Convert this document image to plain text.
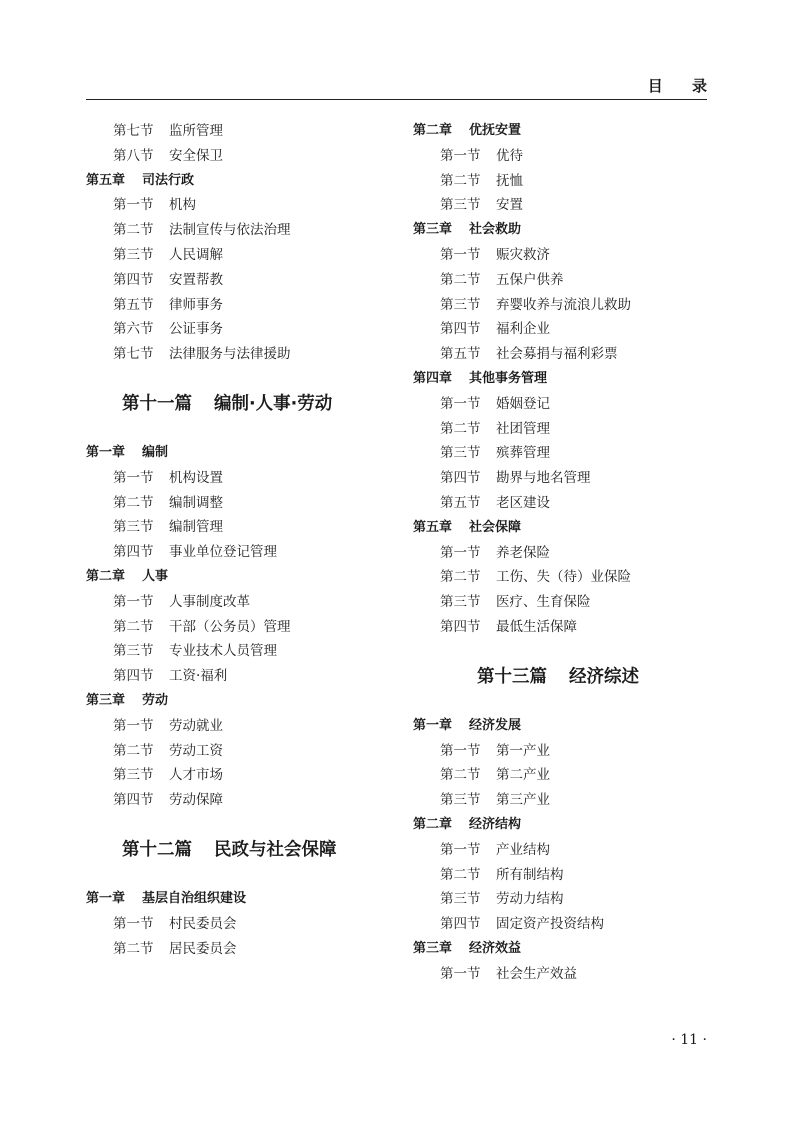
目 录
第七节 监所管理
第八节 安全保卫
第五章 司法行政
第一节 机构
第二节 法制宣传与依法治理
第三节 人民调解
第四节 安置帮教
第五节 律师事务
第六节 公证事务
第七节 法律服务与法律援助
第十一篇 编制·人事·劳动
第一章 编制
第一节 机构设置
第二节 编制调整
第三节 编制管理
第四节 事业单位登记管理
第二章 人事
第一节 人事制度改革
第二节 干部（公务员）管理
第三节 专业技术人员管理
第四节 工资·福利
第三章 劳动
第一节 劳动就业
第二节 劳动工资
第三节 人才市场
第四节 劳动保障
第十二篇 民政与社会保障
第一章 基层自治组织建设
第一节 村民委员会
第二节 居民委员会
第二章 优抚安置
第一节 优待
第二节 抚恤
第三节 安置
第三章 社会救助
第一节 赈灾救济
第二节 五保户供养
第三节 弃婴收养与流浪儿救助
第四节 福利企业
第五节 社会募捐与福利彩票
第四章 其他事务管理
第一节 婚姻登记
第二节 社团管理
第三节 殡葬管理
第四节 勘界与地名管理
第五节 老区建设
第五章 社会保障
第一节 养老保险
第二节 工伤、失（待）业保险
第三节 医疗、生育保险
第四节 最低生活保障
第十三篇 经济综述
第一章 经济发展
第一节 第一产业
第二节 第二产业
第三节 第三产业
第二章 经济结构
第一节 产业结构
第二节 所有制结构
第三节 劳动力结构
第四节 固定资产投资结构
第三章 经济效益
第一节 社会生产效益
· 11 ·
